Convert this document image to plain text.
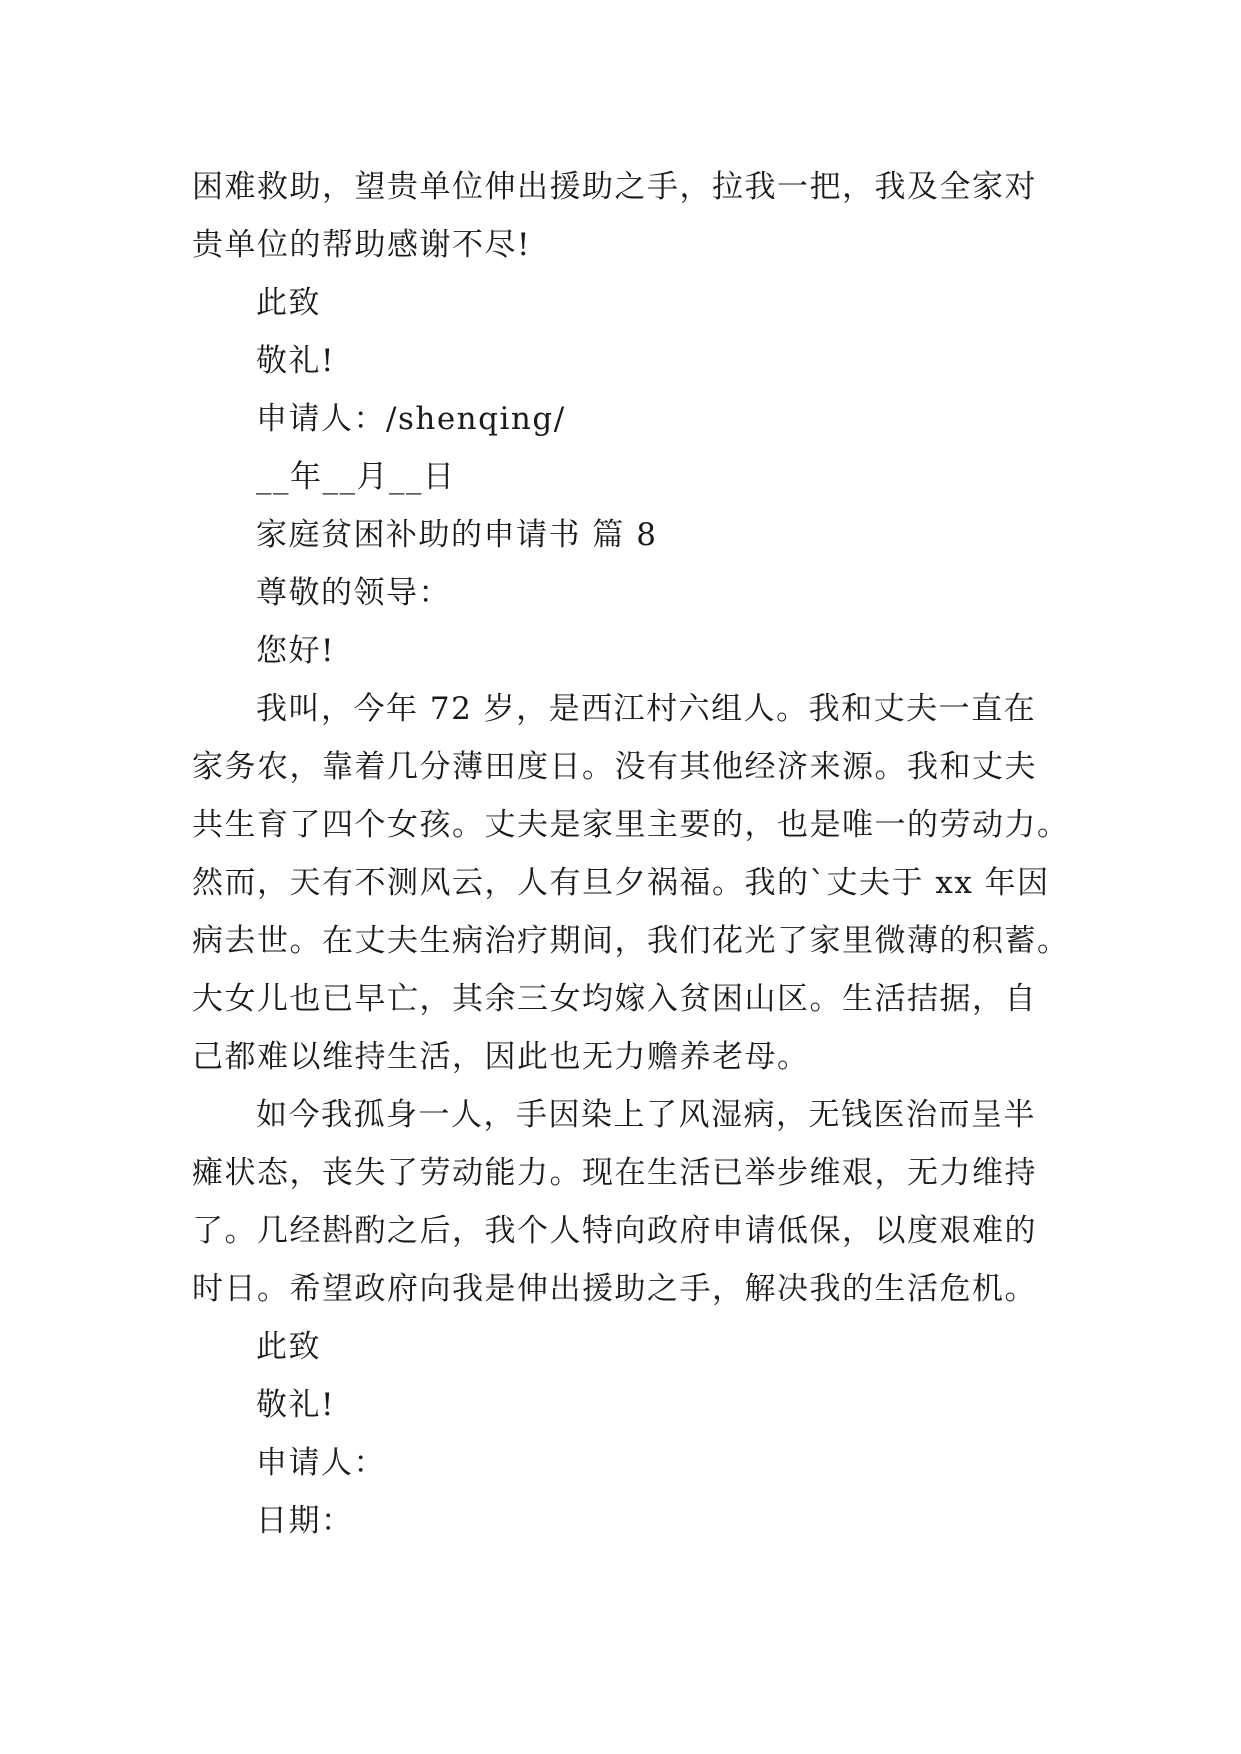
困难救助，望贵单位伸出援助之手，拉我一把，我及全家对
贵单位的帮助感谢不尽!
此致
敬礼!
申请人：/shenqing/
__年__月__日
家庭贫困补助的申请书 篇 8
尊敬的领导：
您好!
我叫，今年 72 岁，是西江村六组人。我和丈夫一直在
家务农，靠着几分薄田度日。没有其他经济来源。我和丈夫
共生育了四个女孩。丈夫是家里主要的，也是唯一的劳动力。
然而，天有不测风云，人有旦夕祸福。我的`丈夫于 xx 年因
病去世。在丈夫生病治疗期间，我们花光了家里微薄的积蓄。
大女儿也已早亡，其余三女均嫁入贫困山区。生活拮据，自
己都难以维持生活，因此也无力赡养老母。
如今我孤身一人，手因染上了风湿病，无钱医治而呈半
瘫状态，丧失了劳动能力。现在生活已举步维艰，无力维持
了。几经斟酌之后，我个人特向政府申请低保，以度艰难的
时日。希望政府向我是伸出援助之手，解决我的生活危机。
此致
敬礼!
申请人：
日期：
